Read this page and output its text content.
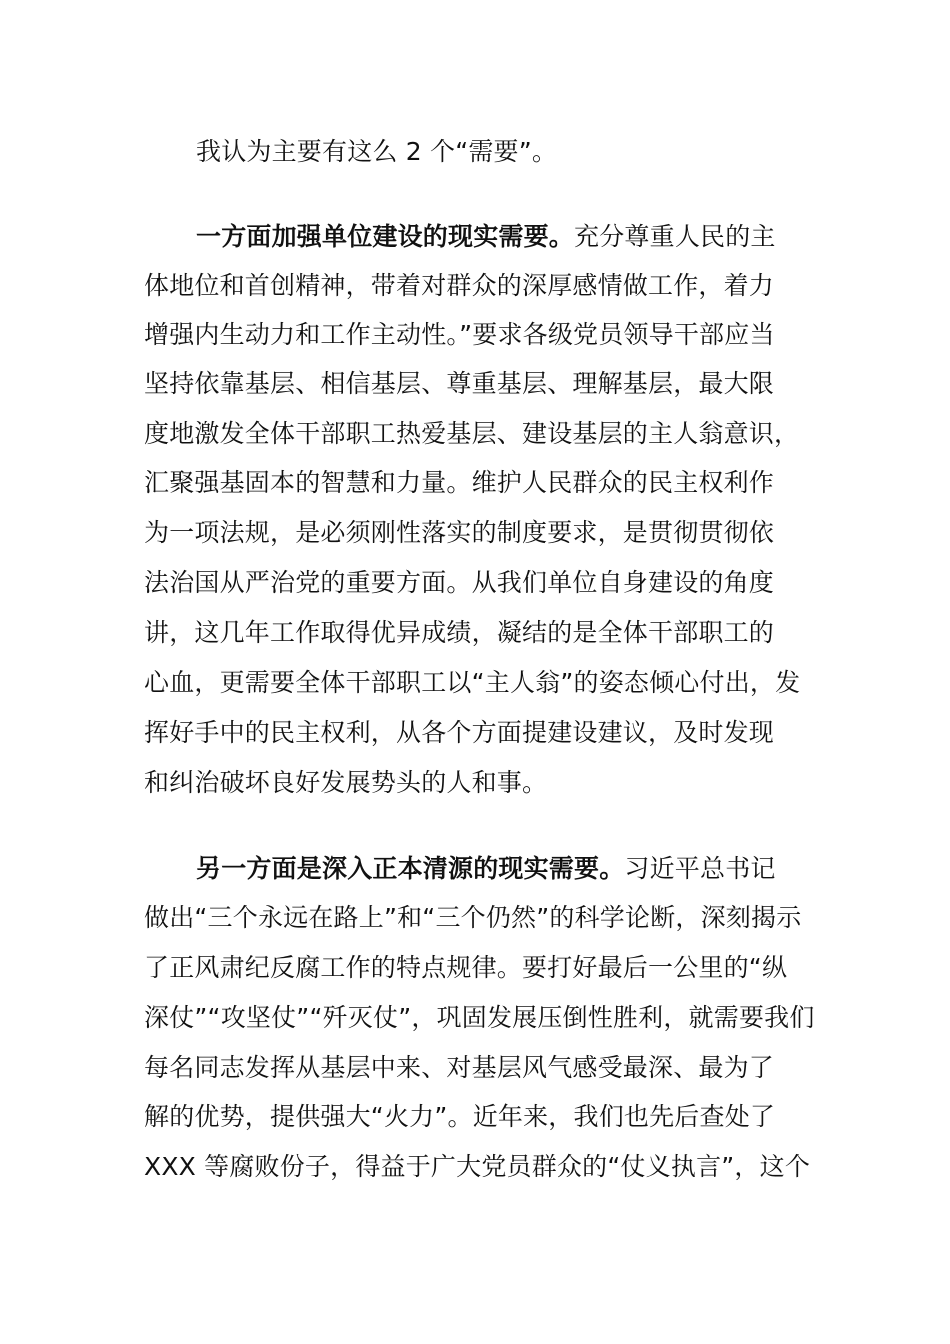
我认为主要有这么 2 个“需要”。
一方面加强单位建设的现实需要。充分尊重人民的主
体地位和首创精神，带着对群众的深厚感情做工作，着力
增强内生动力和工作主动性。”要求各级党员领导干部应当
坚持依靠基层、相信基层、尊重基层、理解基层，最大限
度地激发全体干部职工热爱基层、建设基层的主人翁意识，
汇聚强基固本的智慧和力量。维护人民群众的民主权利作
为一项法规，是必须刚性落实的制度要求，是贯彻贯彻依
法治国从严治党的重要方面。从我们单位自身建设的角度
讲，这几年工作取得优异成绩，凝结的是全体干部职工的
心血，更需要全体干部职工以“主人翁”的姿态倾心付出，发
挥好手中的民主权利，从各个方面提建设建议，及时发现
和纠治破坏良好发展势头的人和事。
另一方面是深入正本清源的现实需要。习近平总书记
做出“三个永远在路上”和“三个仍然”的科学论断，深刻揭示
了正风肃纪反腐工作的特点规律。要打好最后一公里的“纵
深仗”“攻坚仗”“歼灭仗”，巩固发展压倒性胜利，就需要我们
每名同志发挥从基层中来、对基层风气感受最深、最为了
解的优势，提供强大“火力”。近年来，我们也先后查处了
XXX 等腐败份子，得益于广大党员群众的“仗义执言”，这个
